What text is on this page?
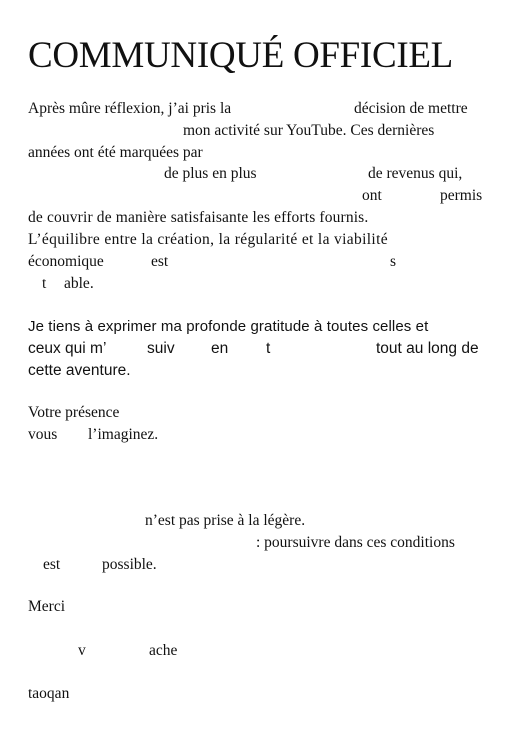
COMMUNIQUÉ OFFICIEL
Après mûre réflexion, j’ai pris la	décision de mettre
mon activité sur YouTube. Ces dernières
années ont été marquées par
de plus en plus	de revenus qui,
ont	permis
de couvrir de manière satisfaisante les efforts fournis.
L’équilibre entre la création, la régularité et la viabilité
économique	est	s
t able.
Je tiens à exprimer ma profonde gratitude à toutes celles et
ceux qui m’	suiv en t	tout au long de
cette aventure.
Votre présence
vous l’imaginez.
n’est pas prise à la légère.
: poursuivre dans ces conditions
est	possible.
Merci
v	ache
taoqan
